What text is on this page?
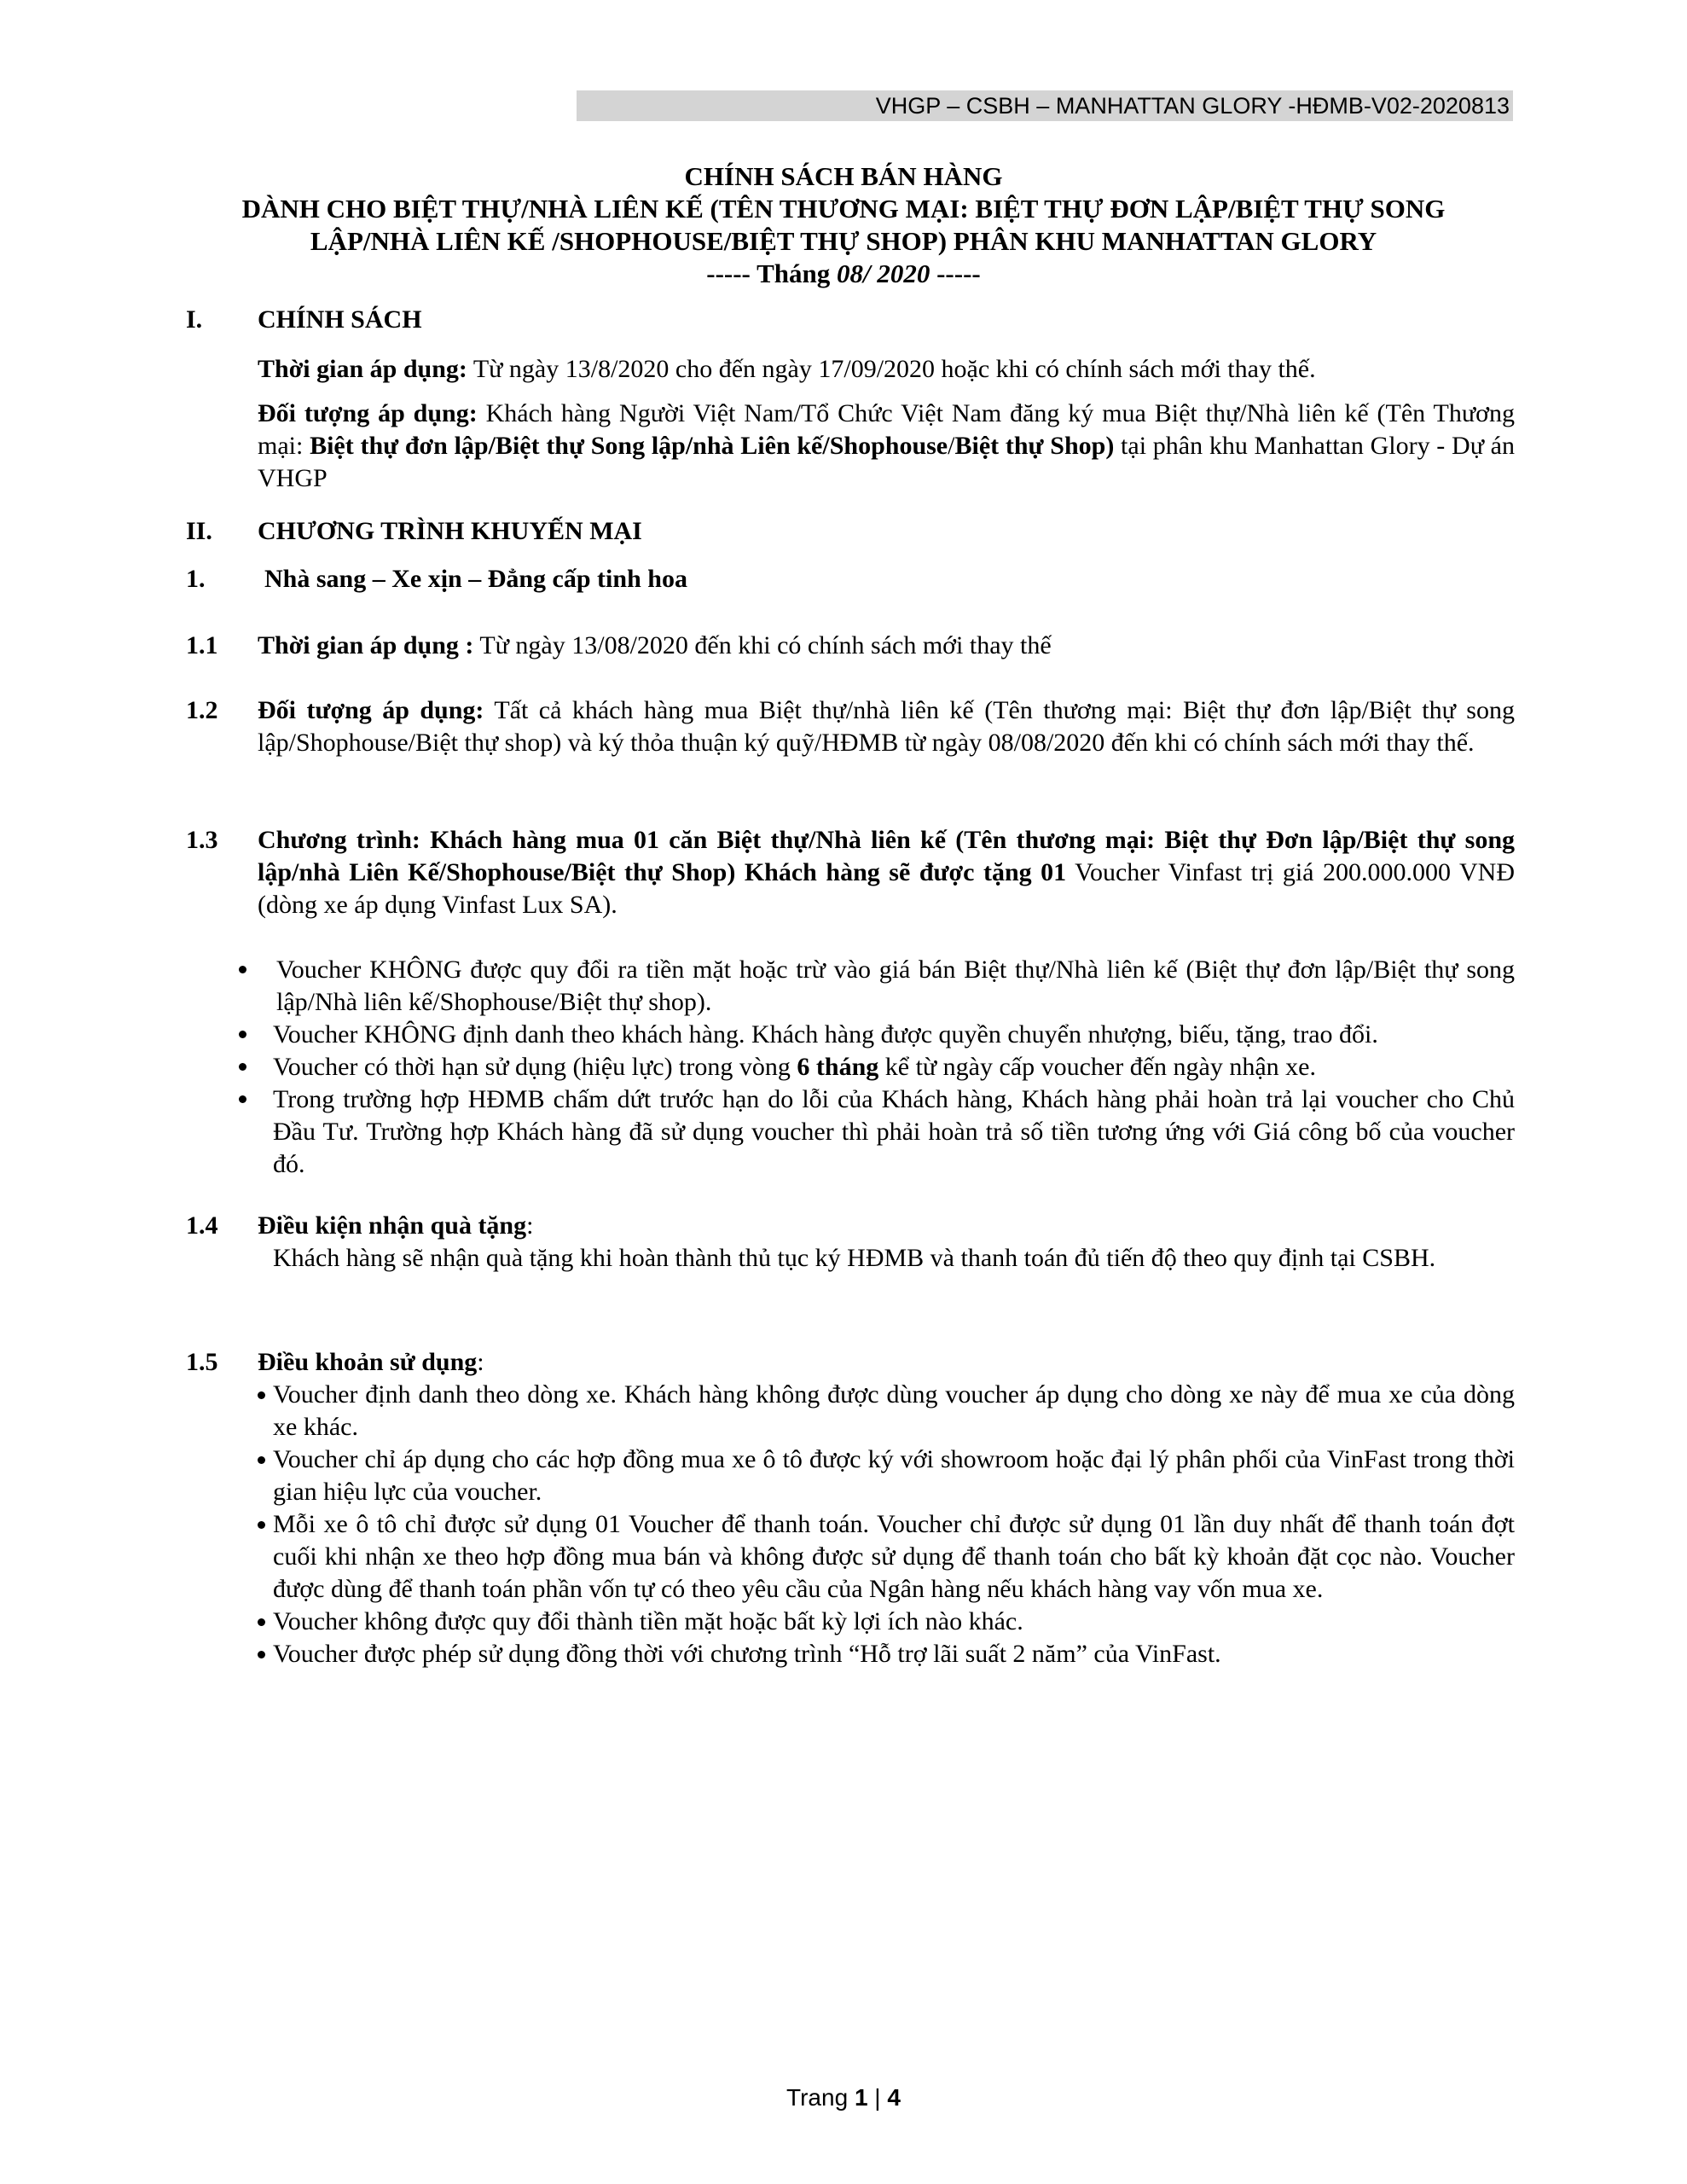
VHGP – CSBH – MANHATTAN GLORY -HĐMB-V02-2020813
CHÍNH SÁCH BÁN HÀNG
DÀNH CHO BIỆT THỰ/NHÀ LIÊN KẾ (TÊN THƯƠNG MẠI: BIỆT THỰ ĐƠN LẬP/BIỆT THỰ SONG
LẬP/NHÀ LIÊN KẾ /SHOPHOUSE/BIỆT THỰ SHOP) PHÂN KHU MANHATTAN GLORY
----- Tháng 08/ 2020 -----
I. CHÍNH SÁCH
Thời gian áp dụng: Từ ngày 13/8/2020 cho đến ngày 17/09/2020 hoặc khi có chính sách mới thay thế.
Đối tượng áp dụng: Khách hàng Người Việt Nam/Tổ Chức Việt Nam đăng ký mua Biệt thự/Nhà liên kế (Tên Thương mại: Biệt thự đơn lập/Biệt thự Song lập/nhà Liên kế/Shophouse/Biệt thự Shop) tại phân khu Manhattan Glory - Dự án VHGP
II. CHƯƠNG TRÌNH KHUYẾN MẠI
1. Nhà sang – Xe xịn – Đẳng cấp tinh hoa
1.1 Thời gian áp dụng : Từ ngày 13/08/2020 đến khi có chính sách mới thay thế
1.2 Đối tượng áp dụng: Tất cả khách hàng mua Biệt thự/nhà liên kế (Tên thương mại: Biệt thự đơn lập/Biệt thự song lập/Shophouse/Biệt thự shop) và ký thỏa thuận ký quỹ/HĐMB từ ngày 08/08/2020 đến khi có chính sách mới thay thế.
1.3 Chương trình: Khách hàng mua 01 căn Biệt thự/Nhà liên kế (Tên thương mại: Biệt thự Đơn lập/Biệt thự song lập/nhà Liên Kế/Shophouse/Biệt thự Shop) Khách hàng sẽ được tặng 01 Voucher Vinfast trị giá 200.000.000 VNĐ (dòng xe áp dụng Vinfast Lux SA).
Voucher KHÔNG được quy đổi ra tiền mặt hoặc trừ vào giá bán Biệt thự/Nhà liên kế (Biệt thự đơn lập/Biệt thự song lập/Nhà liên kế/Shophouse/Biệt thự shop).
Voucher KHÔNG định danh theo khách hàng. Khách hàng được quyền chuyển nhượng, biếu, tặng, trao đổi.
Voucher có thời hạn sử dụng (hiệu lực) trong vòng 6 tháng kể từ ngày cấp voucher đến ngày nhận xe.
Trong trường hợp HĐMB chấm dứt trước hạn do lỗi của Khách hàng, Khách hàng phải hoàn trả lại voucher cho Chủ Đầu Tư. Trường hợp Khách hàng đã sử dụng voucher thì phải hoàn trả số tiền tương ứng với Giá công bố của voucher đó.
1.4 Điều kiện nhận quà tặng:
Khách hàng sẽ nhận quà tặng khi hoàn thành thủ tục ký HĐMB và thanh toán đủ tiến độ theo quy định tại CSBH.
1.5 Điều khoản sử dụng:
Voucher định danh theo dòng xe. Khách hàng không được dùng voucher áp dụng cho dòng xe này để mua xe của dòng xe khác.
Voucher chỉ áp dụng cho các hợp đồng mua xe ô tô được ký với showroom hoặc đại lý phân phối của VinFast trong thời gian hiệu lực của voucher.
Mỗi xe ô tô chỉ được sử dụng 01 Voucher để thanh toán. Voucher chỉ được sử dụng 01 lần duy nhất để thanh toán đợt cuối khi nhận xe theo hợp đồng mua bán và không được sử dụng để thanh toán cho bất kỳ khoản đặt cọc nào. Voucher được dùng để thanh toán phần vốn tự có theo yêu cầu của Ngân hàng nếu khách hàng vay vốn mua xe.
Voucher không được quy đổi thành tiền mặt hoặc bất kỳ lợi ích nào khác.
Voucher được phép sử dụng đồng thời với chương trình “Hỗ trợ lãi suất 2 năm” của VinFast.
Trang 1 | 4
